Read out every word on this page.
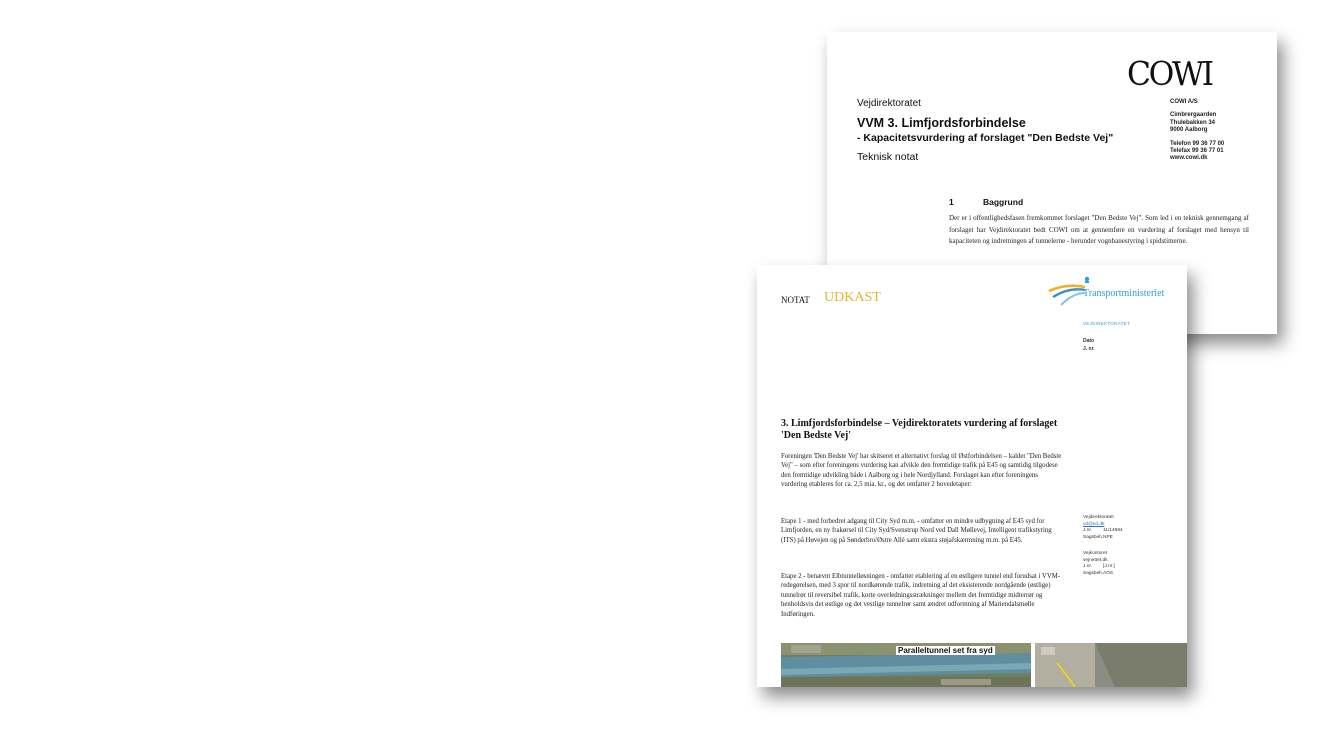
COWI
Vejdirektoratet
VVM 3. Limfjordsforbindelse
- Kapacitetsvurdering af forslaget "Den Bedste Vej"
Teknisk notat
COWI A/S
Cimbrergaarden
Thulebakken 34
9000 Aalborg
Telefon 99 36 77 00
Telefax 99 36 77 01
www.cowi.dk
1	Baggrund
Der er i offentlighedsfasen fremkommet forslaget "Den Bedste Vej". Som led i en teknisk gennemgang af forslaget har Vejdirektoratet bedt COWI om at gennemføre en vurdering af forslaget med hensyn til kapaciteten og indretningen af tunnelerne - herunder vognbanestyring i spidstimerne.
NOTAT UDKAST	Transportministeriet
VEJDIREKTORATET
Dato
J. nr.
3. Limfjordsforbindelse – Vejdirektoratets vurdering af forslaget 'Den Bedste Vej'
Foreningen 'Den Bedste Vej' har skitseret et alternativt forslag til Østforbindelsen – kaldet "Den Bedste Vej" – som efter foreningens vurdering kan afvikle den fremtidige trafik på E45 og samtidig tilgodese den fremtidige udvikling både i Aalborg og i hele Nordjylland. Forslaget kan efter foreningens vurdering etableres for ca. 2,5 mia. kr., og det omfatter 2 hovedetaper:
Etape 1 - med forbedret adgang til City Syd m.m. - omfatter en mindre udbygning af E45 syd for Limfjorden, en ny frakørsel til City Syd/Svenstrup Nord ved Dall Møllevej, Intelligent trafikstyring (ITS) på Høvejen og på Sønderbro/Østre Allé samt ekstra støjafskærmning m.m. på E45.
Etape 2 - benævnt Elbtunnelløsningen - omfatter etablering af en østligere tunnel end forudsat i VVM-redegørelsen, med 3 spor til nordkørende trafik, indretning af det eksisterende nordgående (østlige) tunnelrør til reversibel trafik, korte overledningsstrækninger mellem det fremtidige midterrør og henholdsvis det østlige og det vestlige tunnelrør samt ændret udformning af Mariendalsmølle Indføringen.
Vejdirektoratet
vd@vd.dk
J.nr. 11/14594
Sagsbeh.NPE
Vejkontoret
vejnettet.dk
J.nr. [J.nr.]
Sagsbeh.AOS
Paralleltunnel set fra syd
